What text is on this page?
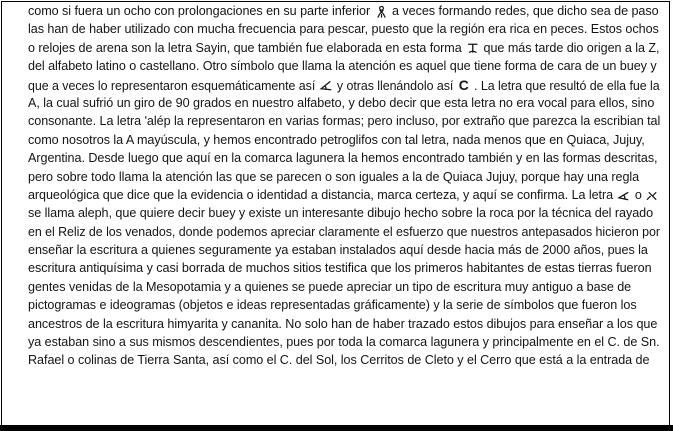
como si fuera un ocho con prolongaciones en su parte inferior a veces formando redes, que dicho sea de paso
las han de haber utilizado con mucha frecuencia para pescar, puesto que la región era rica en peces. Estos ochos
o relojes de arena son la letra Sayin, que también fue elaborada en esta forma que más tarde dio origen a la Z,
del alfabeto latino o castellano. Otro símbolo que llama la atención es aquel que tiene forma de cara de un buey y
que a veces lo representaron esquemáticamente así y otras llenándolo así C . La letra que resultó de ella fue la
A, la cual sufrió un giro de 90 grados en nuestro alfabeto, y debo decir que esta letra no era vocal para ellos, sino
consonante. La letra 'alép la representaron en varias formas; pero incluso, por extraño que parezca la escribian tal
como nosotros la A mayúscula, y hemos encontrado petroglifos con tal letra, nada menos que en Quiaca, Jujuy,
Argentina. Desde luego que aquí en la comarca lagunera la hemos encontrado también y en las formas descritas,
pero sobre todo llama la atención las que se parecen o son iguales a la de Quiaca Jujuy, porque hay una regla
arqueológica que dice que la evidencia o identidad a distancia, marca certeza, y aquí se confirma. La letra o
se llama aleph, que quiere decir buey y existe un interesante dibujo hecho sobre la roca por la técnica del rayado
en el Reliz de los venados, donde podemos apreciar claramente el esfuerzo que nuestros antepasados hicieron por
enseñar la escritura a quienes seguramente ya estaban instalados aquí desde hacia más de 2000 años, pues la
escritura antiquísima y casi borrada de muchos sitios testifica que los primeros habitantes de estas tierras fueron
gentes venidas de la Mesopotamia y a quienes se puede apreciar un tipo de escritura muy antiguo a base de
pictogramas e ideogramas (objetos e ideas representadas gráficamente) y la serie de símbolos que fueron los
ancestros de la escritura himyarita y cananita. No solo han de haber trazado estos dibujos para enseñar a los que
ya estaban sino a sus mismos descendientes, pues por toda la comarca lagunera y principalmente en el C. de Sn.
Rafael o colinas de Tierra Santa, así como el C. del Sol, los Cerritos de Cleto y el Cerro que está a la entrada de
